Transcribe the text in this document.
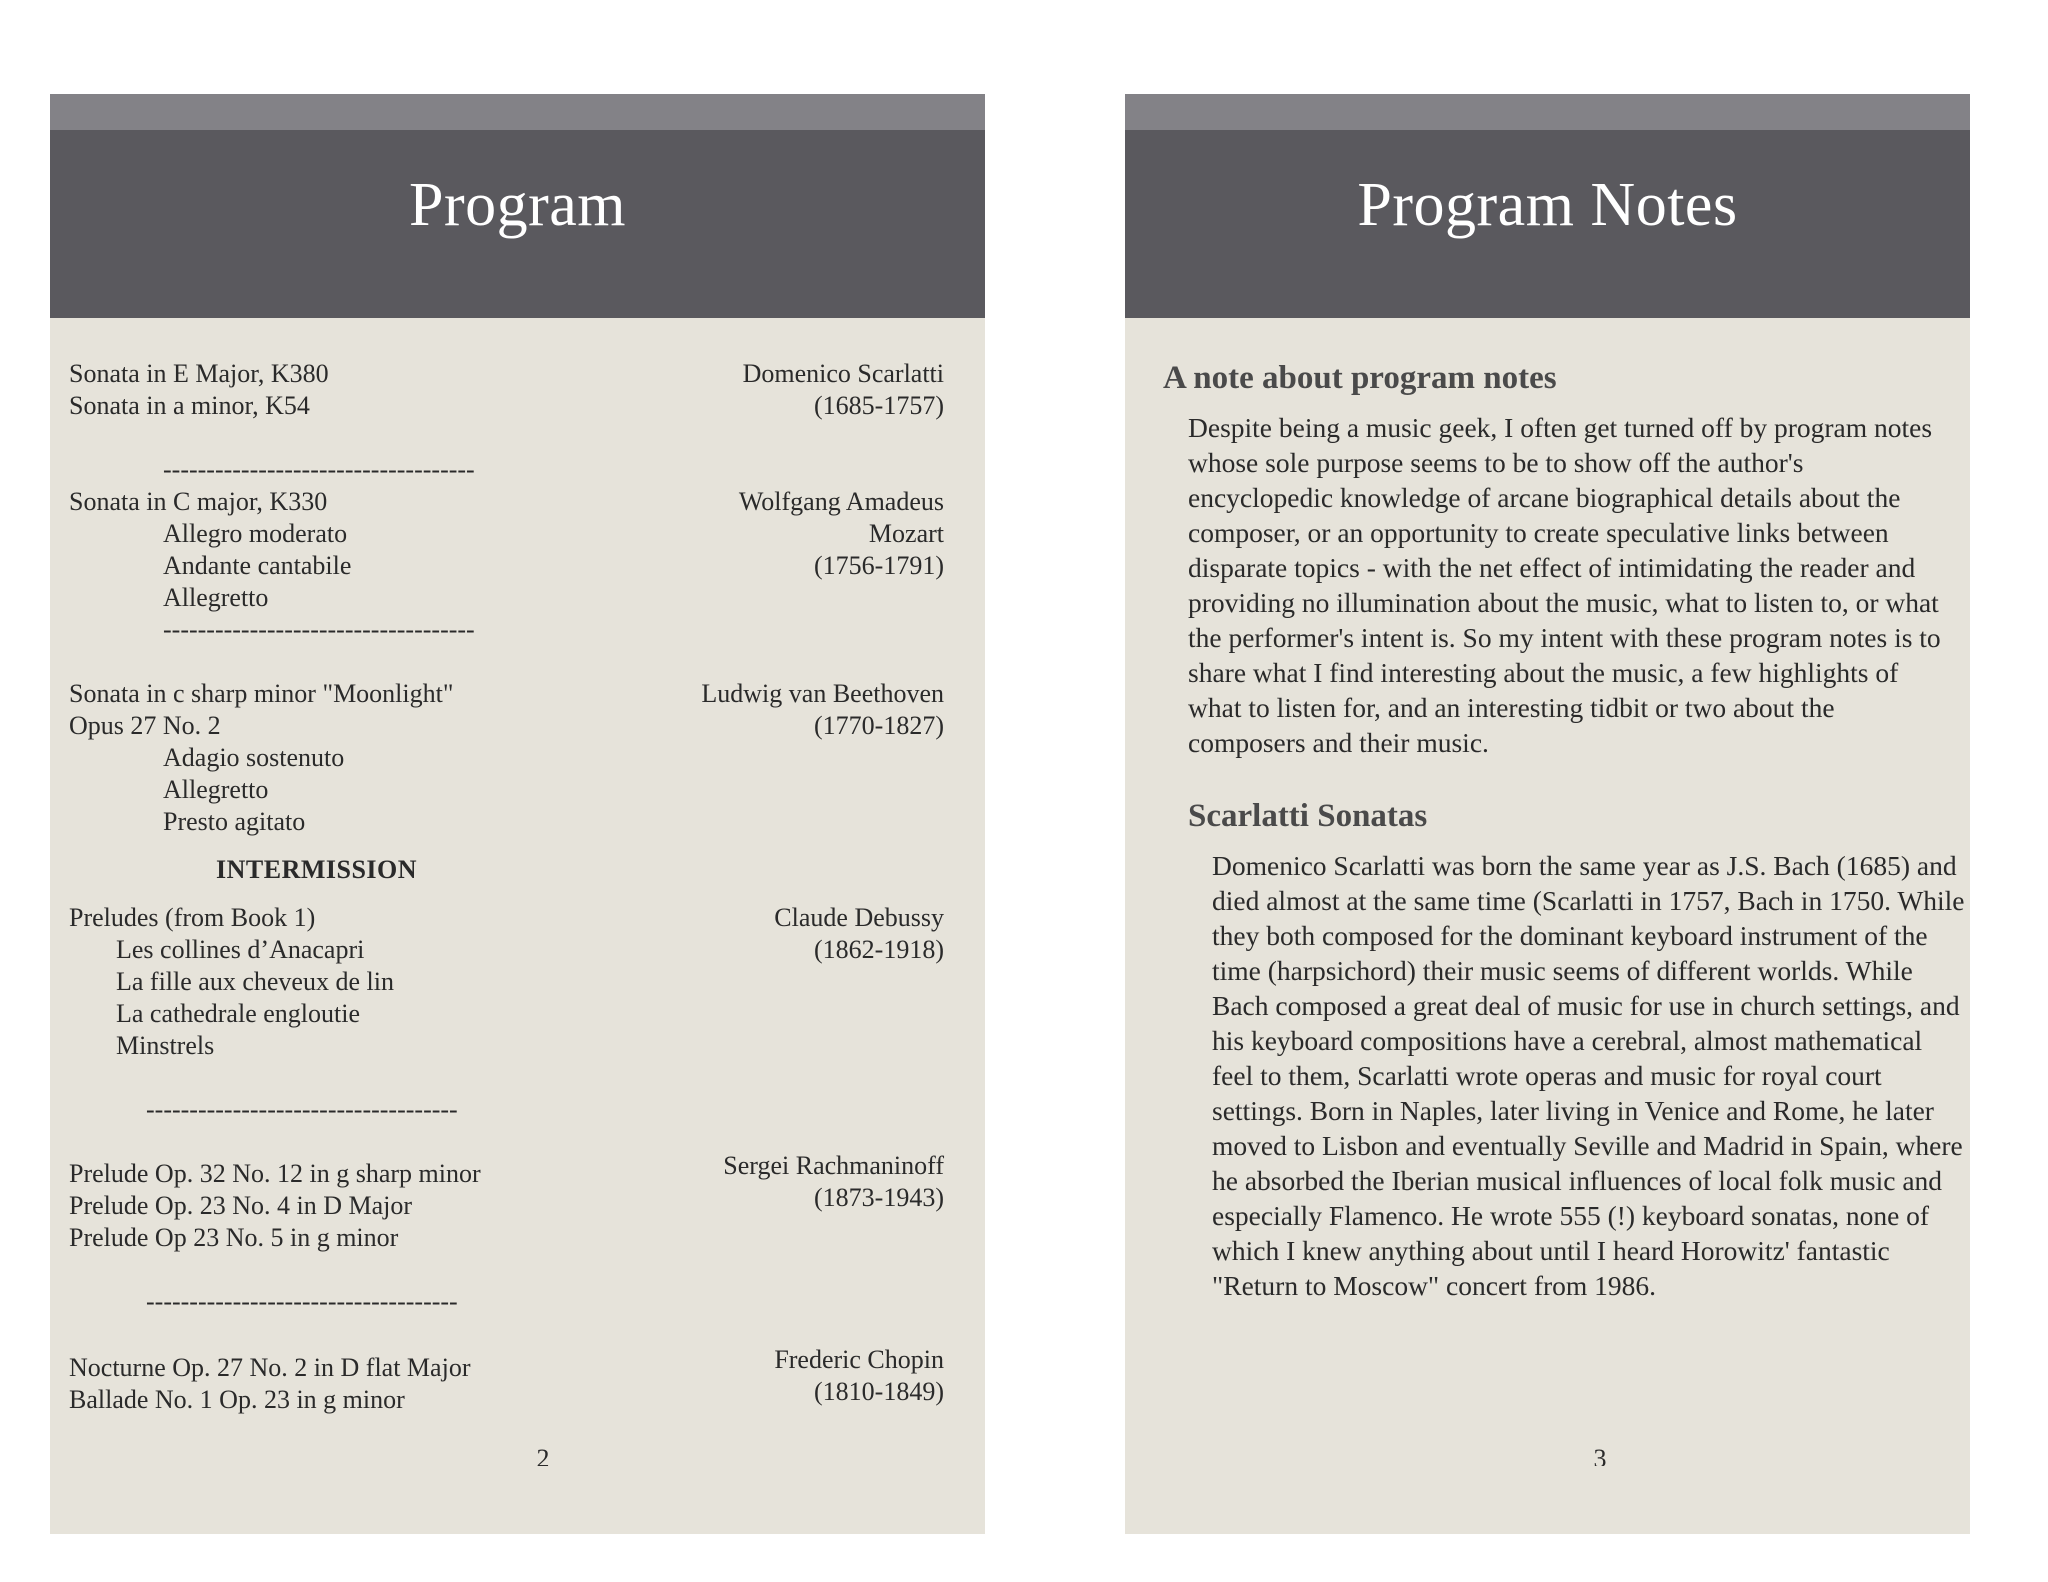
Program
Sonata in E Major, K380
Sonata in a minor, K54
Domenico Scarlatti
(1685-1757)
------------------------------------
Sonata in C major, K330
Allegro moderato
Andante cantabile
Allegretto
Wolfgang Amadeus
Mozart
(1756-1791)
------------------------------------
Sonata in c sharp minor "Moonlight"
Opus 27 No. 2
Adagio sostenuto
Allegretto
Presto agitato
Ludwig van Beethoven
(1770-1827)
INTERMISSION
Preludes (from Book 1)
Les collines d’Anacapri
La fille aux cheveux de lin
La cathedrale engloutie
Minstrels
Claude Debussy
(1862-1918)
------------------------------------
Prelude Op. 32 No. 12 in g sharp minor
Prelude Op. 23 No. 4 in D Major
Prelude Op 23 No. 5 in g minor
Sergei Rachmaninoff
(1873-1943)
------------------------------------
Nocturne Op. 27 No. 2 in D flat Major
Ballade No. 1 Op. 23 in g minor
Frederic Chopin
(1810-1849)
2
Program Notes
A note about program notes

Despite being a music geek, I often get turned off by program notes whose sole purpose seems to be to show off the author's encyclopedic knowledge of arcane biographical details about the composer, or an opportunity to create speculative links between disparate topics - with the net effect of intimidating the reader and providing no illumination about the music, what to listen to, or what the performer's intent is. So my intent with these program notes is to share what I find interesting about the music, a few highlights of what to listen for, and an interesting tidbit or two about the composers and their music.

Scarlatti Sonatas

Domenico Scarlatti was born the same year as J.S. Bach (1685) and died almost at the same time (Scarlatti in 1757, Bach in 1750. While they both composed for the dominant keyboard instrument of the time (harpsichord) their music seems of different worlds. While Bach composed a great deal of music for use in church settings, and his keyboard compositions have a cerebral, almost mathematical feel to them, Scarlatti wrote operas and music for royal court settings. Born in Naples, later living in Venice and Rome, he later moved to Lisbon and eventually Seville and Madrid in Spain, where he absorbed the Iberian musical influences of local folk music and especially Flamenco. He wrote 555 (!) keyboard sonatas, none of which I knew anything about until I heard Horowitz' fantastic "Return to Moscow" concert from 1986.

3
